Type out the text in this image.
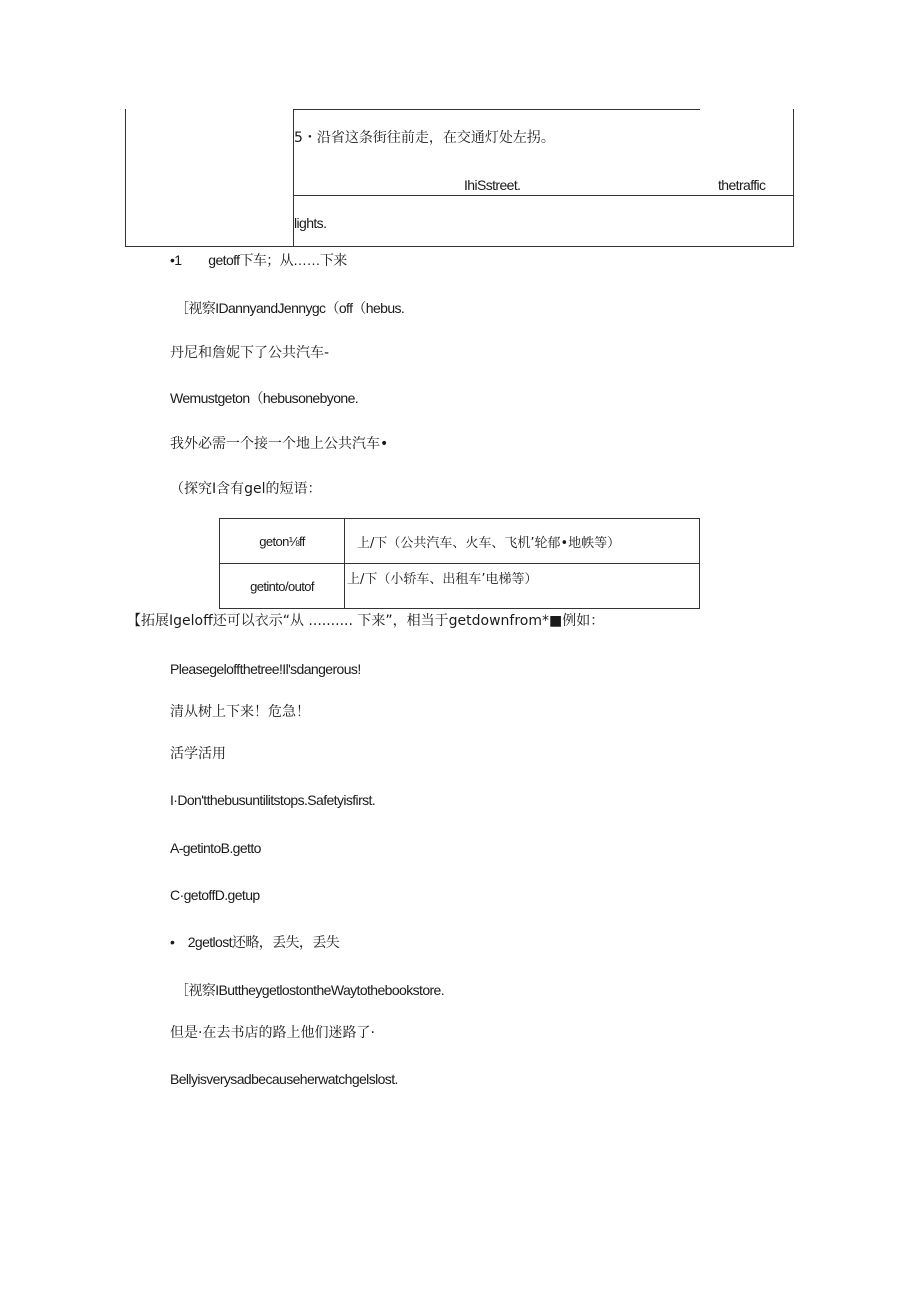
5・沿省这条街往前走，在交通灯处左拐。
IhiSstreet.	thetraffic
lights.
•1　　getoff下车；从……下来
［视察IDannyandJennygc（off（hebus.
丹尼和詹妮下了公共汽车-
Wemustgeton（hebusonebyone.
我外必需一个接一个地上公共汽车•
（探究I含有gel的短语：
geton⅛ff	上/下（公共汽车、火车、飞机’轮郁•地帙等）
getinto/outof	上/下（小轿车、出租车’电梯等）
【拓展Igeloff还可以衣示“从 .......... 下来”，相当于getdownfrom*■例如：
Pleasegeloffthetree!Il'sdangerous!
清从树上下来！危急！
活学活用
I·Don'tthebusuntilitstops.Safetyisfirst.
A-getintoB.getto
C·getoffD.getup
•　2getlost还略，丢失，丢失
［视察IButtheygetlostontheWaytothebookstore.
但是·在去书店的路上他们迷路了·
Bellyisverysadbecauseherwatchgelslost.
